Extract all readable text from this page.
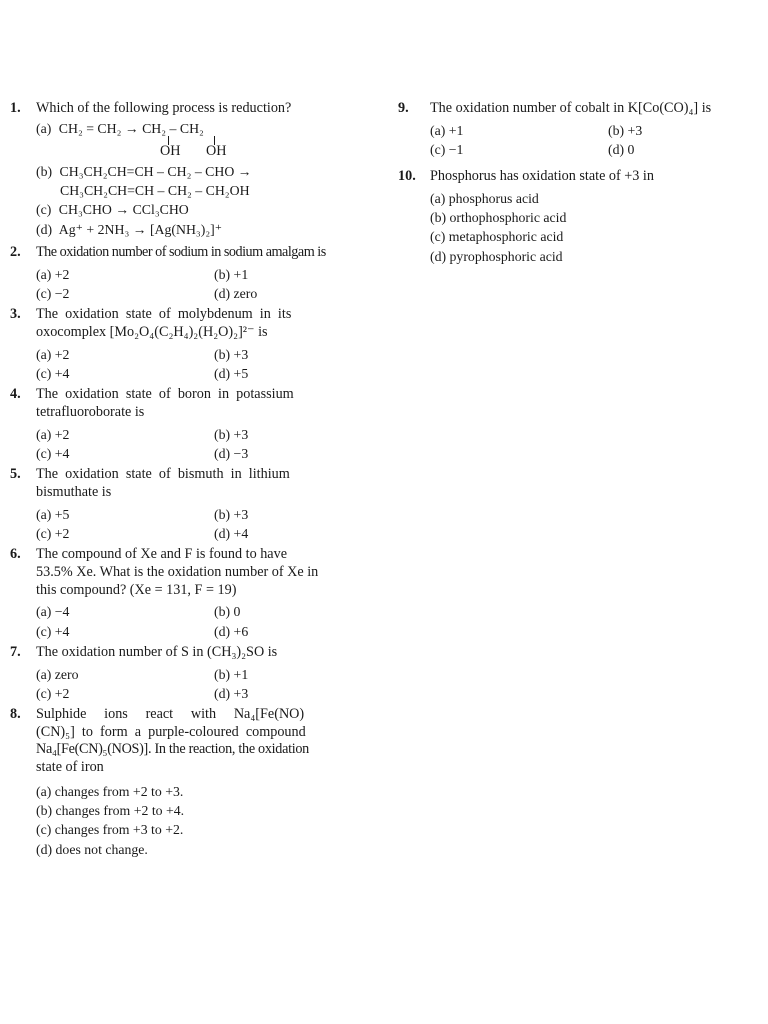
1.	Which of the following process is reduction?
(a) CH₂ = CH₂ → CH₂ – CH₂
OH OH
(b) CH₃CH₂CH=CH – CH₂ – CHO →
CH₃CH₂CH=CH – CH₂ – CH₂OH
(c) CH₃CHO → CCl₃CHO
(d) Ag⁺ + 2NH₃ → [Ag(NH₃)₂]⁺
2.	The oxidation number of sodium in sodium amalgam is
(a) +2	(b) +1
(c) −2	(d) zero
3.	The  oxidation  state  of  molybdenum  in  its
oxocomplex [Mo₂O₄(C₂H₄)₂(H₂O)₂]²⁻ is
(a) +2	(b) +3
(c) +4	(d) +5
4.	The  oxidation  state  of  boron  in  potassium
tetrafluoroborate is
(a) +2	(b) +3
(c) +4	(d) −3
5.	The  oxidation  state  of  bismuth  in  lithium
bismuthate is
(a) +5	(b) +3
(c) +2	(d) +4
6.	The compound of Xe and F is found to have
53.5% Xe. What is the oxidation number of Xe in
this compound? (Xe = 131, F = 19)
(a) −4	(b) 0
(c) +4	(d) +6
7.	The oxidation number of S in (CH₃)₂SO is
(a) zero	(b) +1
(c) +2	(d) +3
8.	Sulphide     ions     react     with     Na₄[Fe(NO)
(CN)₅]  to  form  a  purple-coloured  compound
Na₄[Fe(CN)₅(NOS)]. In the reaction, the oxidation
state of iron
(a) changes from +2 to +3.
(b) changes from +2 to +4.
(c) changes from +3 to +2.
(d) does not change.
9.	The oxidation number of cobalt in K[Co(CO)₄] is
(a) +1	(b) +3
(c) −1	(d) 0
10.	Phosphorus has oxidation state of +3 in
(a) phosphorus acid
(b) orthophosphoric acid
(c) metaphosphoric acid
(d) pyrophosphoric acid
